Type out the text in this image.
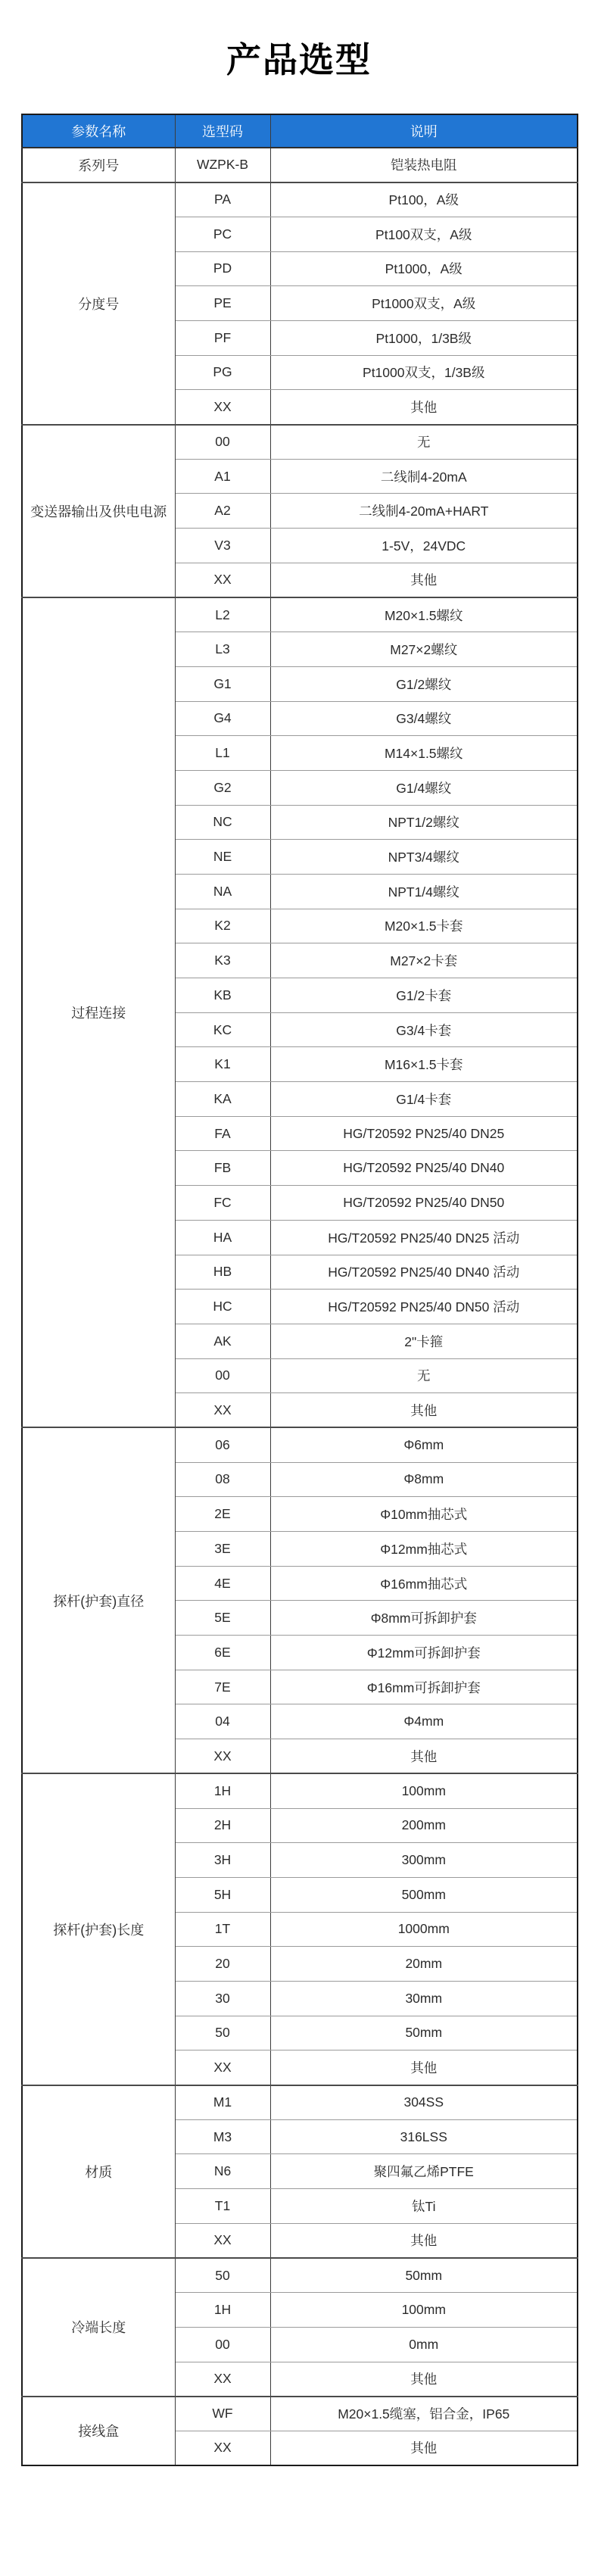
产品选型
参数名称	选型码	说明
系列号	WZPK-B	铠装热电阻
分度号	PA	Pt100，A级
	PC	Pt100双支，A级
	PD	Pt1000，A级
	PE	Pt1000双支，A级
	PF	Pt1000，1/3B级
	PG	Pt1000双支，1/3B级
	XX	其他
变送器输出及供电电源	00	无
	A1	二线制4-20mA
	A2	二线制4-20mA+HART
	V3	1-5V，24VDC
	XX	其他
过程连接	L2	M20×1.5螺纹
	L3	M27×2螺纹
	G1	G1/2螺纹
	G4	G3/4螺纹
	L1	M14×1.5螺纹
	G2	G1/4螺纹
	NC	NPT1/2螺纹
	NE	NPT3/4螺纹
	NA	NPT1/4螺纹
	K2	M20×1.5卡套
	K3	M27×2卡套
	KB	G1/2卡套
	KC	G3/4卡套
	K1	M16×1.5卡套
	KA	G1/4卡套
	FA	HG/T20592 PN25/40 DN25
	FB	HG/T20592 PN25/40 DN40
	FC	HG/T20592 PN25/40 DN50
	HA	HG/T20592 PN25/40 DN25 活动
	HB	HG/T20592 PN25/40 DN40 活动
	HC	HG/T20592 PN25/40 DN50 活动
	AK	2"卡箍
	00	无
	XX	其他
探杆(护套)直径	06	Φ6mm
	08	Φ8mm
	2E	Φ10mm抽芯式
	3E	Φ12mm抽芯式
	4E	Φ16mm抽芯式
	5E	Φ8mm可拆卸护套
	6E	Φ12mm可拆卸护套
	7E	Φ16mm可拆卸护套
	04	Φ4mm
	XX	其他
探杆(护套)长度	1H	100mm
	2H	200mm
	3H	300mm
	5H	500mm
	1T	1000mm
	20	20mm
	30	30mm
	50	50mm
	XX	其他
材质	M1	304SS
	M3	316LSS
	N6	聚四氟乙烯PTFE
	T1	钛Ti
	XX	其他
冷端长度	50	50mm
	1H	100mm
	00	0mm
	XX	其他
接线盒	WF	M20×1.5缆塞，铝合金，IP65
	XX	其他
